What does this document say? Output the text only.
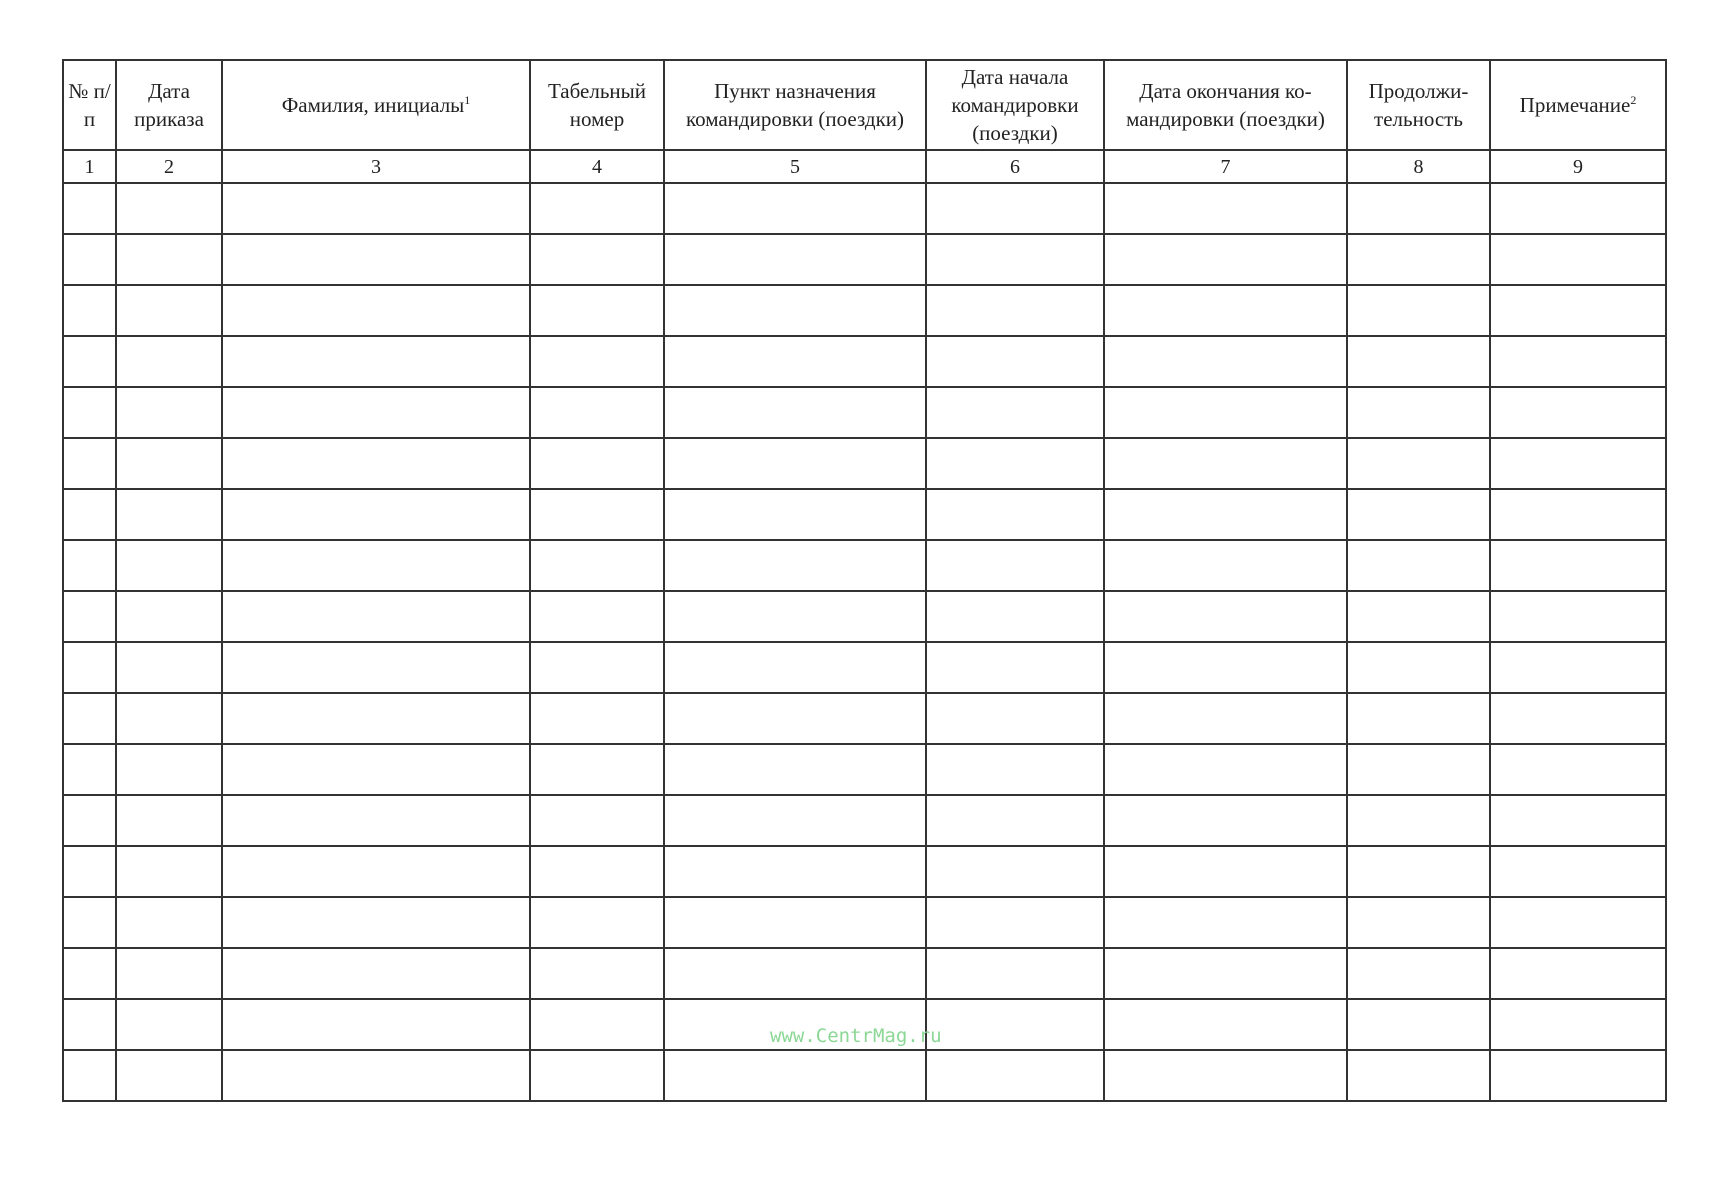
№ п/п	Дата приказа	Фамилия, инициалы$^1$	Табельный номер	Пункт назначения командировки (поездки)	Дата начала командировки (поездки)	Дата окончания ко-мандировки (поездки)	Продолжи-тельность	Примечание$^2$
1	2	3	4	5	6	7	8	9

www.CentrMag.ru
